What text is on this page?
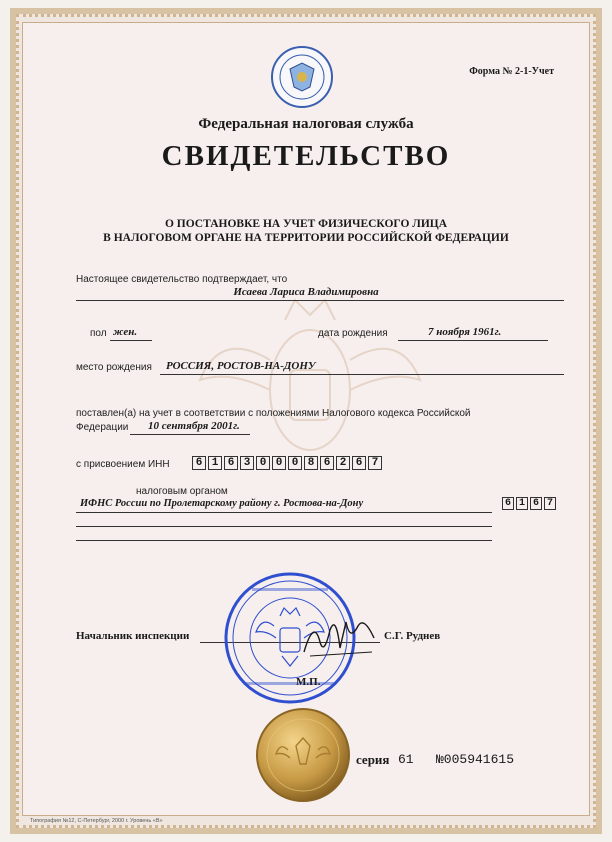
Форма № 2-1-Учет
Федеральная налоговая служба
СВИДЕТЕЛЬСТВО
О ПОСТАНОВКЕ НА УЧЕТ ФИЗИЧЕСКОГО ЛИЦА
В НАЛОГОВОМ ОРГАНЕ НА ТЕРРИТОРИИ РОССИЙСКОЙ ФЕДЕРАЦИИ
Настоящее свидетельство подтверждает, что
Исаева Лариса Владимировна
пол жен.	дата рождения	7 ноября 1961г.
место рождения РОССИЯ, РОСТОВ-НА-ДОНУ
поставлен(а) на учет в соответствии с положениями Налогового кодекса Российской
Федерации 10 сентября 2001г.
с присвоением ИНН	6 1 6 3 0 0 0 8 6 2 6 7
налоговым органом
ИФНС России по Пролетарскому району г. Ростова-на-Дону	6 1 6 7
Начальник инспекции	С.Г. Руднев
М.П.
серия 61 №005941615
Типография №12, С-Петербург, 2000 г. Уровень «В»
